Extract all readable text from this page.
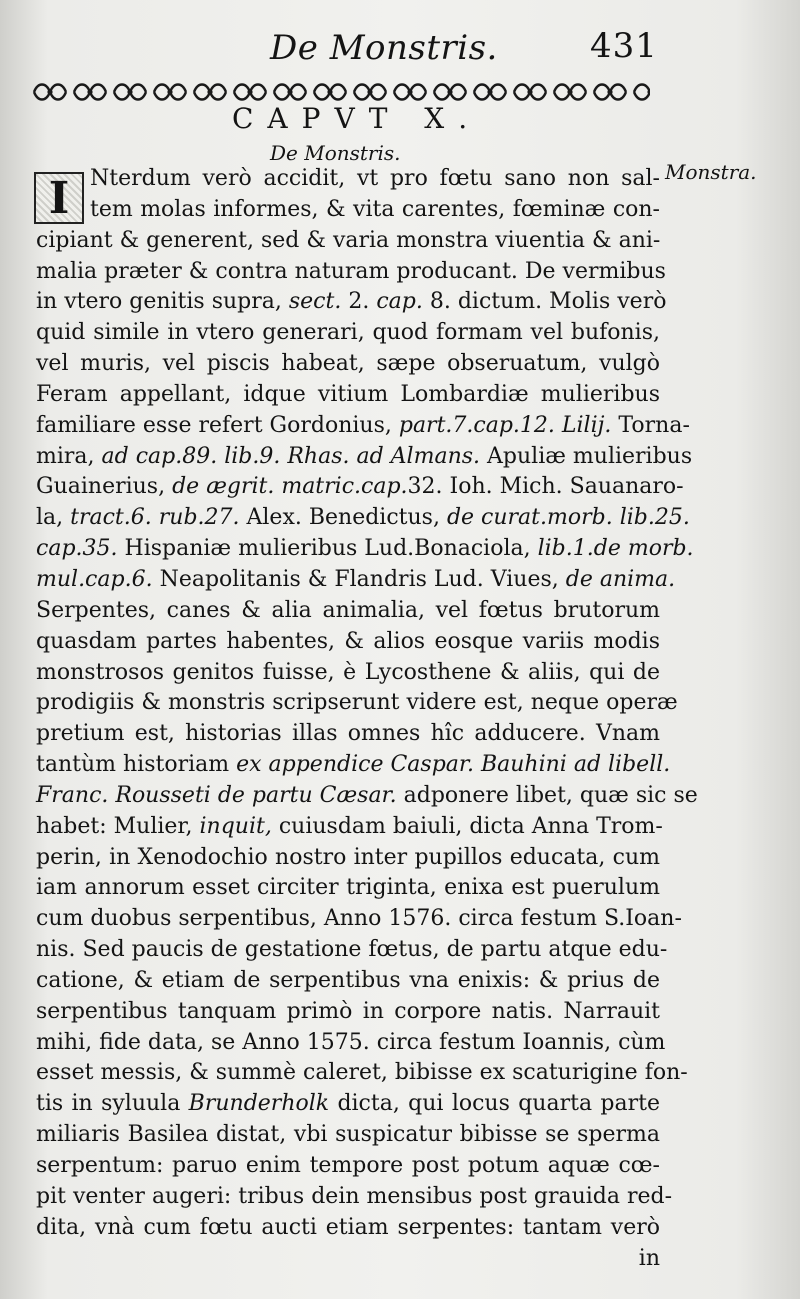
De Monstris.	431
CAPVT X.
De Monstris.
Monstra.
I Nterdum verò accidit, vt pro fœtu sano non sal-
tem molas informes, & vita carentes, fœminæ con-
cipiant & generent, sed & varia monstra viuentia & ani-
malia præter & contra naturam producant. De vermibus
in vtero genitis supra, sect. 2. cap. 8. dictum. Molis verò
quid simile in vtero generari, quod formam vel bufonis,
vel muris, vel piscis habeat, sæpe obseruatum, vulgò
Feram appellant, idque vitium Lombardiæ mulieribus
familiare esse refert Gordonius, part.7.cap.12. Lilij. Torna-
mira, ad cap.89. lib.9. Rhas. ad Almans. Apuliæ mulieribus
Guainerius, de ægrit. matric.cap.32. Ioh. Mich. Sauanaro-
la, tract.6. rub.27. Alex. Benedictus, de curat.morb. lib.25.
cap.35. Hispaniæ mulieribus Lud.Bonaciola, lib.1.de morb.
mul.cap.6. Neapolitanis & Flandris Lud. Viues, de anima.
Serpentes, canes & alia animalia, vel fœtus brutorum
quasdam partes habentes, & alios eosque variis modis
monstrosos genitos fuisse, è Lycosthene & aliis, qui de
prodigiis & monstris scripserunt videre est, neque operæ
pretium est, historias illas omnes hîc adducere. Vnam
tantùm historiam ex appendice Caspar. Bauhini ad libell.
Franc. Rousseti de partu Cæsar. adponere libet, quæ sic se
habet: Mulier, inquit, cuiusdam baiuli, dicta Anna Trom-
perin, in Xenodochio nostro inter pupillos educata, cum
iam annorum esset circiter triginta, enixa est puerulum
cum duobus serpentibus, Anno 1576. circa festum S.Ioan-
nis. Sed paucis de gestatione fœtus, de partu atque edu-
catione, & etiam de serpentibus vna enixis: & prius de
serpentibus tanquam primò in corpore natis. Narrauit
mihi, fide data, se Anno 1575. circa festum Ioannis, cùm
esset messis, & summè caleret, bibisse ex scaturigine fon-
tis in syluula Brunderholk dicta, qui locus quarta parte
miliaris Basilea distat, vbi suspicatur bibisse se sperma
serpentum: paruo enim tempore post potum aquæ cœ-
pit venter augeri: tribus dein mensibus post grauida red-
dita, vnà cum fœtu aucti etiam serpentes: tantam verò
in
